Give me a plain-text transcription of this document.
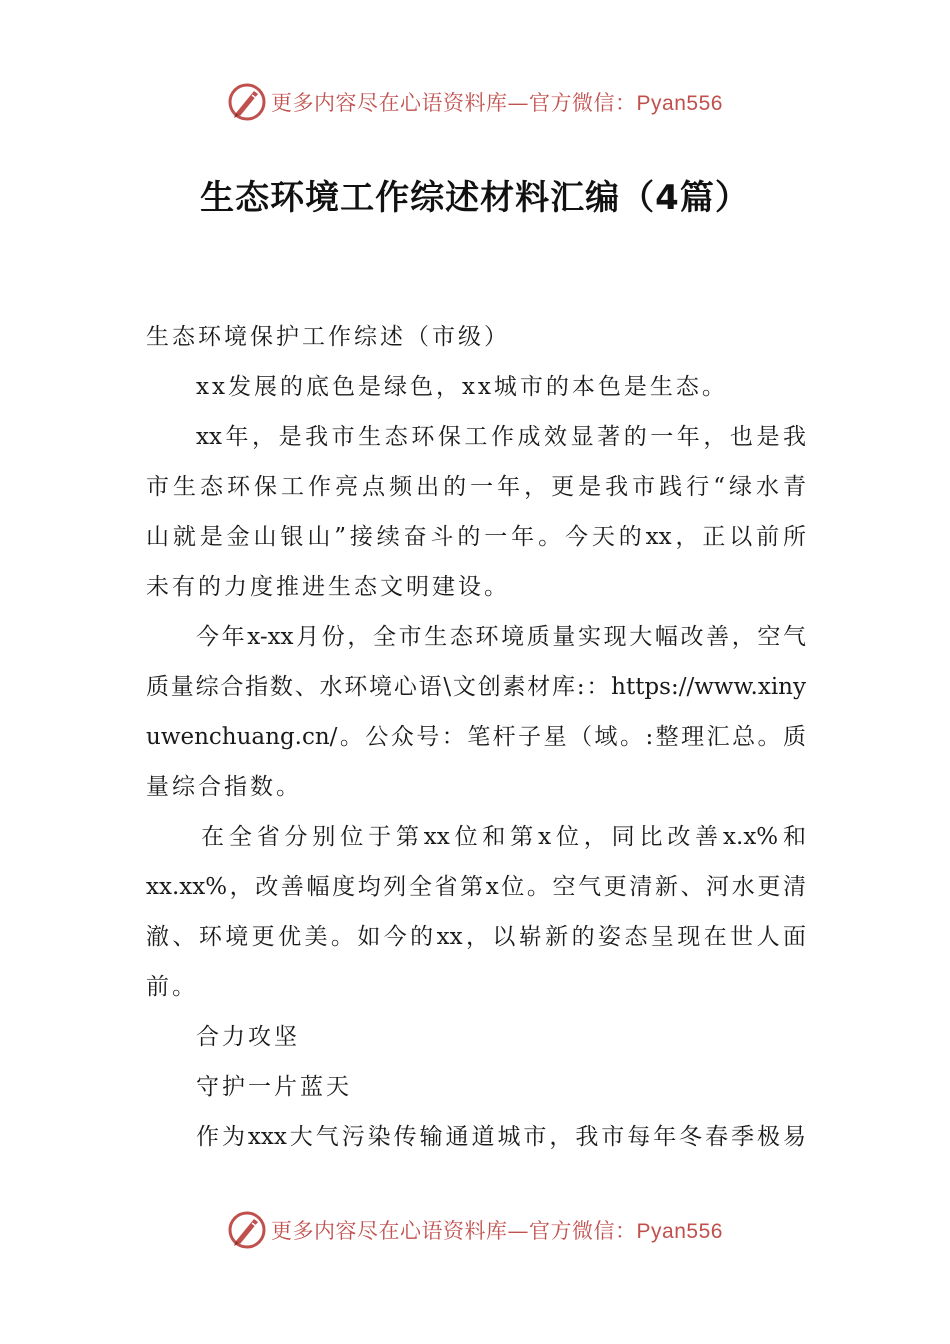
更多内容尽在心语资料库—官方微信：Pyan556
生态环境工作综述材料汇编（4篇）
生态环境保护工作综述（市级）
xx发展的底色是绿色，xx城市的本色是生态。
xx年，是我市生态环保工作成效显著的一年，也是我
市生态环保工作亮点频出的一年，更是我市践行“绿水青
山就是金山银山”接续奋斗的一年。今天的xx，正以前所
未有的力度推进生态文明建设。
今年x-xx月份，全市生态环境质量实现大幅改善，空气
质量综合指数、水环境心语\文创素材库:：https://www.xiny
uwenchuang.cn/。公众号：笔杆子星（域。:整理汇总。质
量综合指数。
在全省分别位于第xx位和第x位，同比改善x.x%和
xx.xx%，改善幅度均列全省第x位。空气更清新、河水更清
澈、环境更优美。如今的xx，以崭新的姿态呈现在世人面
前。
合力攻坚
守护一片蓝天
作为xxx大气污染传输通道城市，我市每年冬春季极易
更多内容尽在心语资料库—官方微信：Pyan556
